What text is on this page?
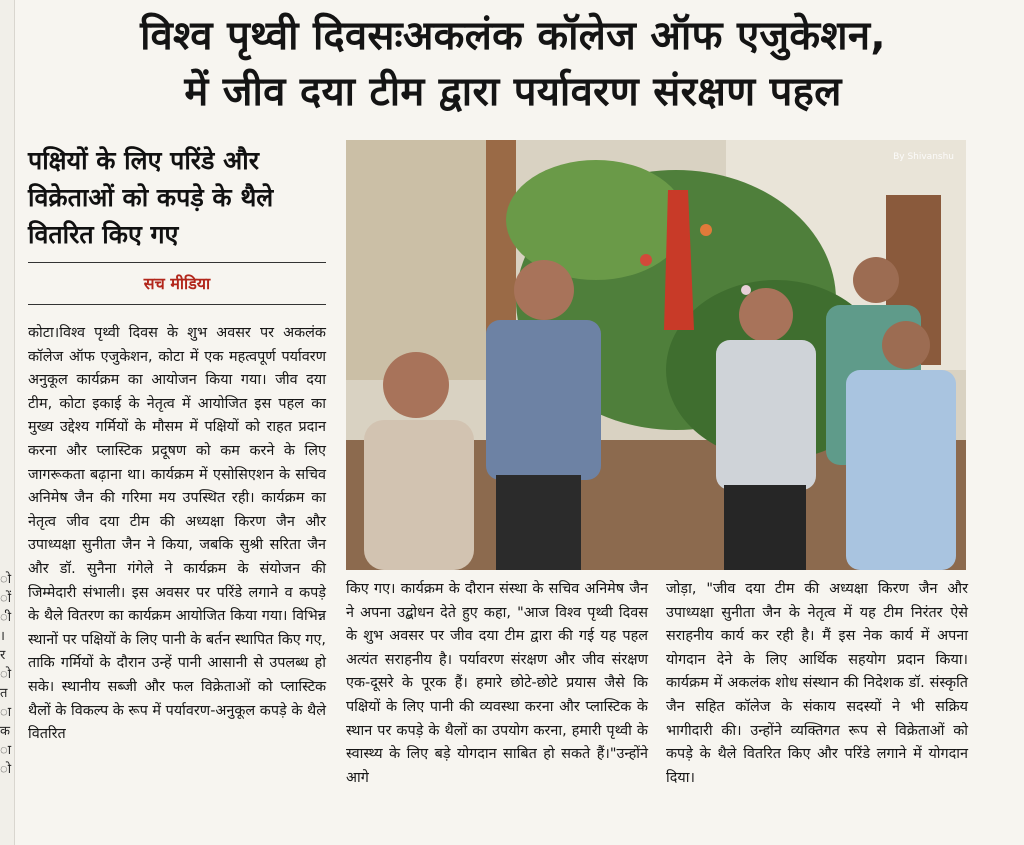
ो
ों
ी
।
र
ो
त
ा
क
ा
ो
विश्व पृथ्वी दिवसःअकलंक कॉलेज ऑफ एजुकेशन,
में जीव दया टीम द्वारा पर्यावरण संरक्षण पहल
पक्षियों के लिए परिंडे और विक्रेताओं को कपड़े के थैले वितरित किए गए
सच मीडिया
कोटा।विश्व पृथ्वी दिवस के शुभ अवसर पर अकलंक कॉलेज ऑफ एजुकेशन, कोटा में एक महत्वपूर्ण पर्यावरण अनुकूल कार्यक्रम का आयोजन किया गया। जीव दया टीम, कोटा इकाई के नेतृत्व में आयोजित इस पहल का मुख्य उद्देश्य गर्मियों के मौसम में पक्षियों को राहत प्रदान करना और प्लास्टिक प्रदूषण को कम करने के लिए जागरूकता बढ़ाना था। कार्यक्रम में एसोसिएशन के सचिव अनिमेष जैन की गरिमा मय उपस्थित रही। कार्यक्रम का नेतृत्व जीव दया टीम की अध्यक्षा किरण जैन और उपाध्यक्षा सुनीता जैन ने किया, जबकि सुश्री सरिता जैन और डॉ. सुनैना गंगेले ने कार्यक्रम के संयोजन की जिम्मेदारी संभाली। इस अवसर पर परिंडे लगाने व कपड़े के थैले वितरण का कार्यक्रम आयोजित किया गया। विभिन्न स्थानों पर पक्षियों के लिए पानी के बर्तन स्थापित किए गए, ताकि गर्मियों के दौरान उन्हें पानी आसानी से उपलब्ध हो सके। स्थानीय सब्जी और फल विक्रेताओं को प्लास्टिक थैलों के विकल्प के रूप में पर्यावरण-अनुकूल कपड़े के थैले वितरित
किए गए। कार्यक्रम के दौरान संस्था के सचिव अनिमेष जैन ने अपना उद्बोधन देते हुए कहा, "आज विश्व पृथ्वी दिवस के शुभ अवसर पर जीव दया टीम द्वारा की गई यह पहल अत्यंत सराहनीय है। पर्यावरण संरक्षण और जीव संरक्षण एक-दूसरे के पूरक हैं। हमारे छोटे-छोटे प्रयास जैसे कि पक्षियों के लिए पानी की व्यवस्था करना और प्लास्टिक के स्थान पर कपड़े के थैलों का उपयोग करना, हमारी पृथ्वी के स्वास्थ्य के लिए बड़े योगदान साबित हो सकते हैं।"उन्होंने आगे
जोड़ा, "जीव दया टीम की अध्यक्षा किरण जैन और उपाध्यक्षा सुनीता जैन के नेतृत्व में यह टीम निरंतर ऐसे सराहनीय कार्य कर रही है। मैं इस नेक कार्य में अपना योगदान देने के लिए आर्थिक सहयोग प्रदान किया। कार्यक्रम में अकलंक शोध संस्थान की निदेशक डॉ. संस्कृति जैन सहित कॉलेज के संकाय सदस्यों ने भी सक्रिय भागीदारी की। उन्होंने व्यक्तिगत रूप से विक्रेताओं को कपड़े के थैले वितरित किए और परिंडे लगाने में योगदान दिया।
By Shivanshu
